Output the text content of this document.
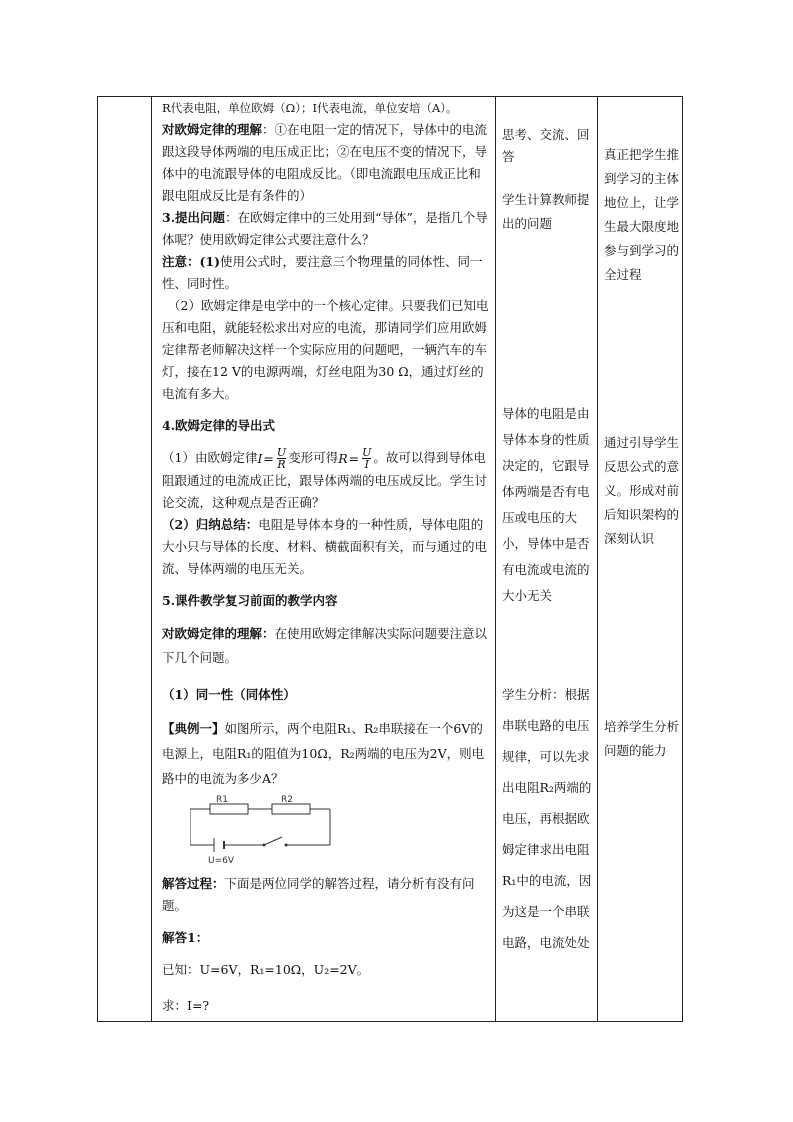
R代表电阻，单位欧姆（Ω）；I代表电流，单位安培（A）。

对欧姆定律的理解：①在电阻一定的情况下，导体中的电流跟这段导体两端的电压成正比；②在电压不变的情况下，导体中的电流跟导体的电阻成反比。（即电流跟电压成正比和跟电阻成反比是有条件的）

3.提出问题：在欧姆定律中的三处用到“导体”，是指几个导体呢？使用欧姆定律公式要注意什么？

注意：(1)使用公式时，要注意三个物理量的同体性、同一性、同时性。

（2）欧姆定律是电学中的一个核心定律。只要我们已知电压和电阻，就能轻松求出对应的电流，那请同学们应用欧姆定律帮老师解决这样一个实际应用的问题吧，一辆汽车的车灯，接在12 V的电源两端，灯丝电阻为30 Ω，通过灯丝的电流有多大。

4.欧姆定律的导出式

（1）由欧姆定律 $I = \frac{U}{R}$ 变形可得 $R = \frac{U}{I}$ 。故可以得到导体电阻跟通过的电流成正比，跟导体两端的电压成反比。学生讨论交流，这种观点是否正确？

（2）归纳总结：电阻是导体本身的一种性质，导体电阻的大小只与导体的长度、材料、横截面积有关，而与通过的电流、导体两端的电压无关。

5.课件教学复习前面的教学内容

对欧姆定律的理解：在使用欧姆定律解决实际问题要注意以下几个问题。

（1）同一性（同体性）

【典例一】如图所示，两个电阻R₁、R₂串联接在一个6V的电源上，电阻R₁的阻值为10Ω，R₂两端的电压为2V，则电路中的电流为多少A？

R1	R2
U=6V

解答过程：下面是两位同学的解答过程，请分析有没有问题。

解答1：

已知：U=6V，R₁=10Ω，U₂=2V。

求：I=?

思考、交流、回答

学生计算教师提出的问题

导体的电阻是由导体本身的性质决定的，它跟导体两端是否有电压或电压的大小，导体中是否有电流或电流的大小无关

学生分析：根据串联电路的电压规律，可以先求出电阻R₂两端的电压，再根据欧姆定律求出电阻R₁中的电流，因为这是一个串联电路，电流处处

真正把学生推到学习的主体地位上，让学生最大限度地参与到学习的全过程

通过引导学生反思公式的意义。形成对前后知识架构的深刻认识

培养学生分析问题的能力
